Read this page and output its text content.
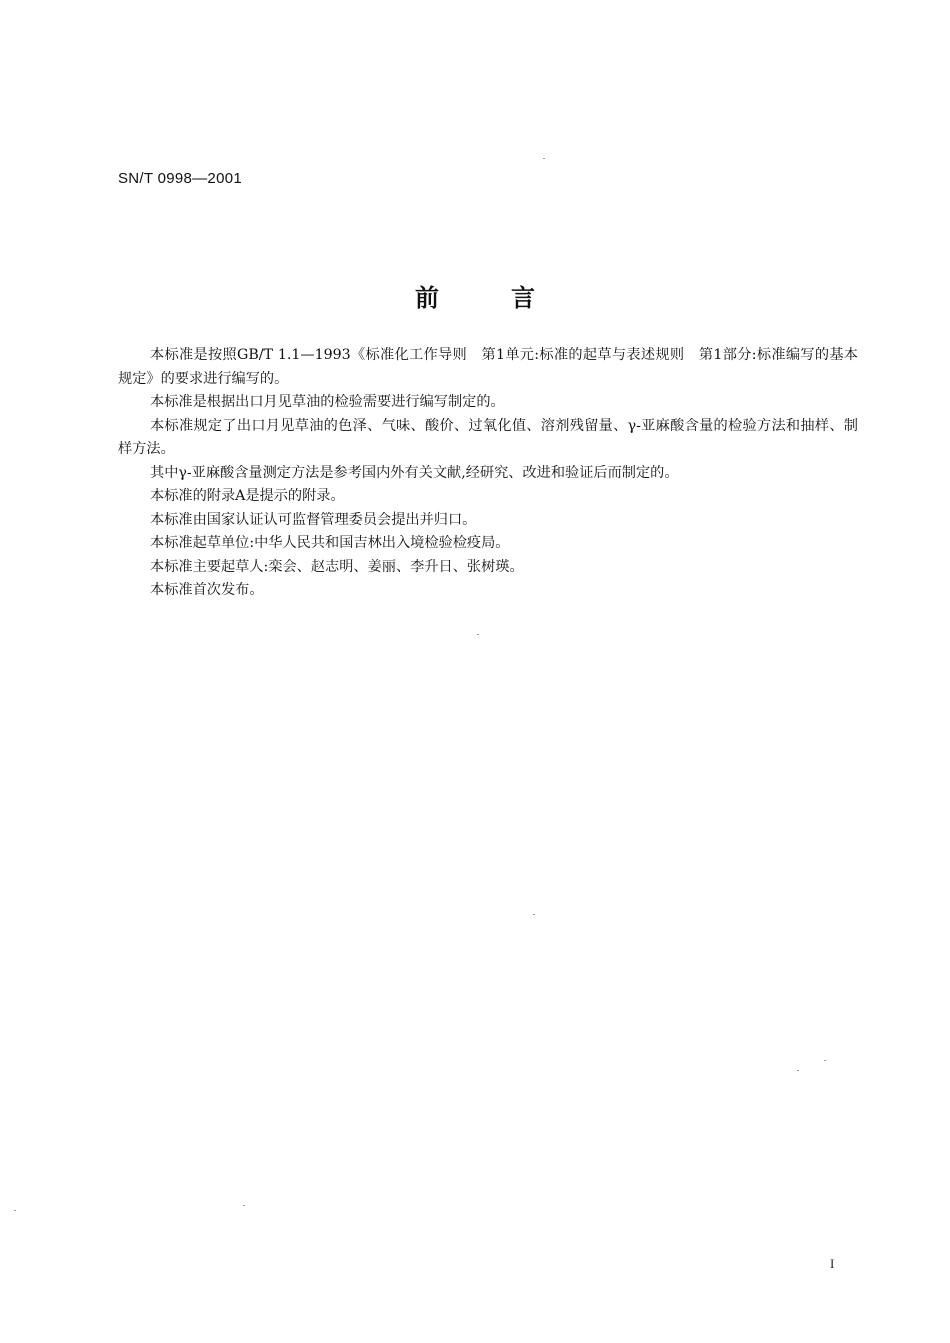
SN/T 0998—2001
前言

本标准是按照GB/T 1.1—1993《标准化工作导则　第1单元:标准的起草与表述规则　第1部分:标准编写的基本规定》的要求进行编写的。

本标准是根据出口月见草油的检验需要进行编写制定的。

本标准规定了出口月见草油的色泽、气味、酸价、过氧化值、溶剂残留量、γ-亚麻酸含量的检验方法和抽样、制样方法。

其中γ-亚麻酸含量测定方法是参考国内外有关文献,经研究、改进和验证后而制定的。

本标准的附录A是提示的附录。

本标准由国家认证认可监督管理委员会提出并归口。

本标准起草单位:中华人民共和国吉林出入境检验检疫局。

本标准主要起草人:栾会、赵志明、姜丽、李升日、张树瑛。

本标准首次发布。

I
